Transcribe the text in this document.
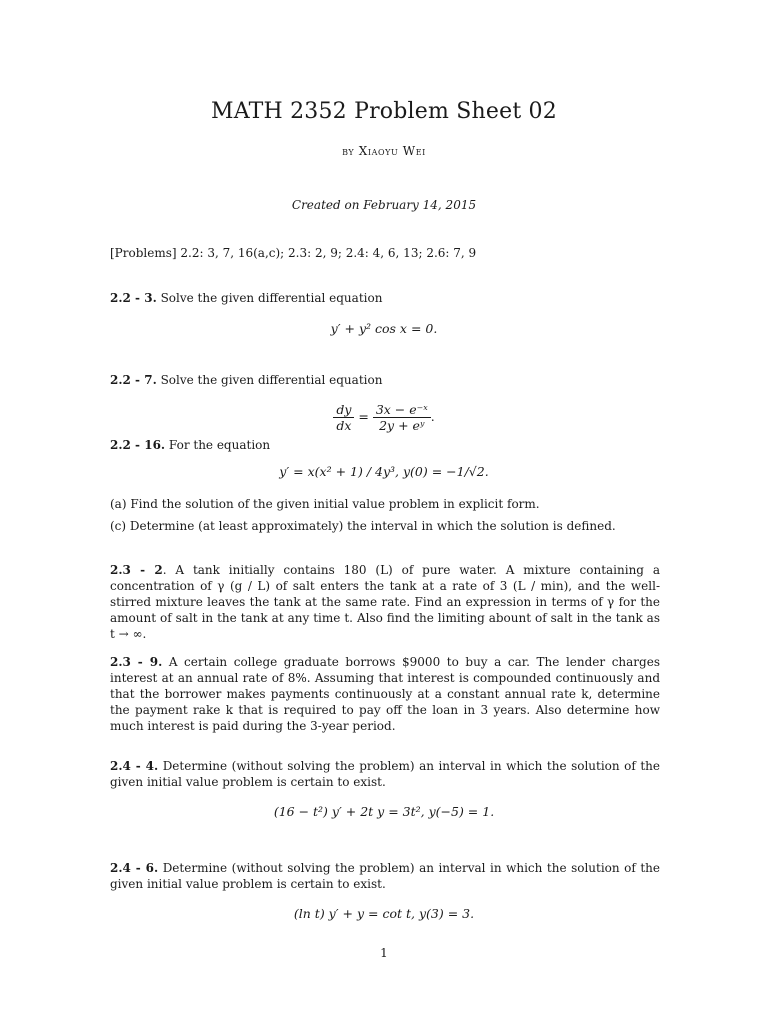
MATH 2352 Problem Sheet 02
by Xiaoyu Wei
Created on February 14, 2015
[Problems] 2.2: 3, 7, 16(a,c); 2.3: 2, 9; 2.4: 4, 6, 13; 2.6: 7, 9
2.2 - 3. Solve the given differential equation
y′ + y² cos x = 0.
2.2 - 7. Solve the given differential equation
$\frac{dy}{dx} = \frac{\text{3x − e⁻ˣ}}{\text{2y + eʸ}}$ .
2.2 - 16. For the equation
y′ = x(x² + 1) / 4y³, y(0) = −1/√2.
(a) Find the solution of the given initial value problem in explicit form.
(c) Determine (at least approximately) the interval in which the solution is defined.
2.3 - 2. A tank initially contains 180 (L) of pure water. A mixture containing a concentration of γ (g / L) of salt enters the tank at a rate of 3 (L / min), and the well-stirred mixture leaves the tank at the same rate. Find an expression in terms of γ for the amount of salt in the tank at any time t. Also find the limiting abount of salt in the tank as t → ∞.
2.3 - 9. A certain college graduate borrows $9000 to buy a car. The lender charges interest at an annual rate of 8%. Assuming that interest is compounded continuously and that the borrower makes payments continuously at a constant annual rate k, determine the payment rake k that is required to pay off the loan in 3 years. Also determine how much interest is paid during the 3-year period.
2.4 - 4. Determine (without solving the problem) an interval in which the solution of the given initial value problem is certain to exist.
(16 − t²) y′ + 2t y = 3t², y(−5) = 1.
2.4 - 6. Determine (without solving the problem) an interval in which the solution of the given initial value problem is certain to exist.
(ln t) y′ + y = cot t, y(3) = 3.
1
